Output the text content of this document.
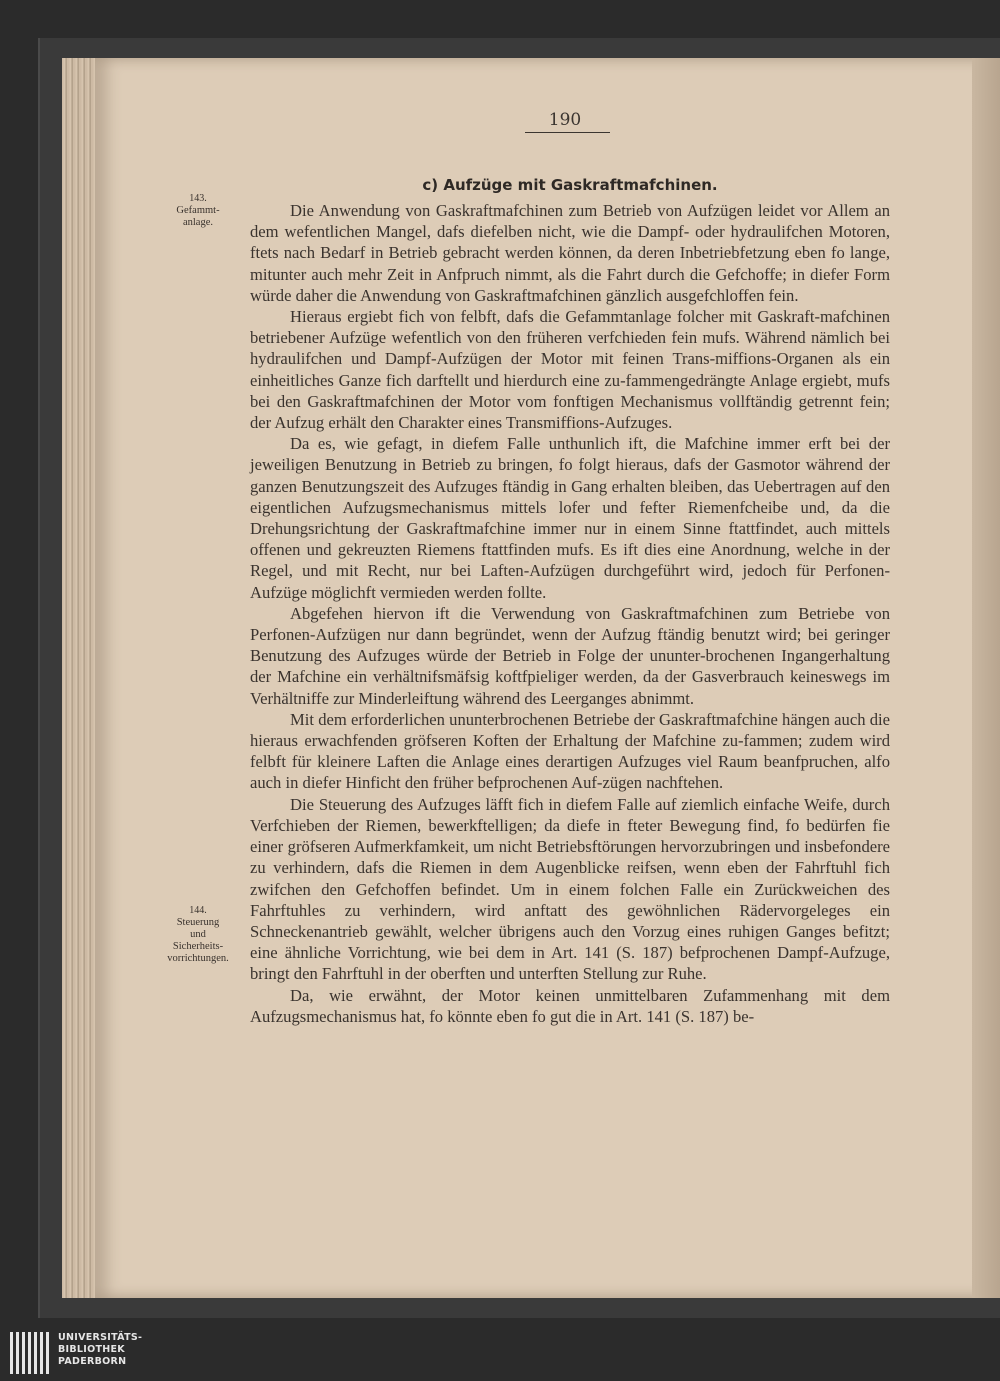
190
c) Aufzüge mit Gaskraftmafchinen.
143.
Gefammt-
anlage.
144.
Steuerung
und
Sicherheits-
vorrichtungen.

Die Anwendung von Gaskraftmafchinen zum Betrieb von Aufzügen leidet vor Allem an dem wefentlichen Mangel, dafs diefelben nicht, wie die Dampf- oder hydraulifchen Motoren, ftets nach Bedarf in Betrieb gebracht werden können, da deren Inbetriebfetzung eben fo lange, mitunter auch mehr Zeit in Anfpruch nimmt, als die Fahrt durch die Gefchoffe; in diefer Form würde daher die Anwendung von Gaskraftmafchinen gänzlich ausgefchloffen fein.

Hieraus ergiebt fich von felbft, dafs die Gefammtanlage folcher mit Gaskraft-mafchinen betriebener Aufzüge wefentlich von den früheren verfchieden fein mufs. Während nämlich bei hydraulifchen und Dampf-Aufzügen der Motor mit feinen Trans-miffions-Organen als ein einheitliches Ganze fich darftellt und hierdurch eine zu-fammengedrängte Anlage ergiebt, mufs bei den Gaskraftmafchinen der Motor vom fonftigen Mechanismus vollftändig getrennt fein; der Aufzug erhält den Charakter eines Transmiffions-Aufzuges.

Da es, wie gefagt, in diefem Falle unthunlich ift, die Mafchine immer erft bei der jeweiligen Benutzung in Betrieb zu bringen, fo folgt hieraus, dafs der Gasmotor während der ganzen Benutzungszeit des Aufzuges ftändig in Gang erhalten bleiben, das Uebertragen auf den eigentlichen Aufzugsmechanismus mittels lofer und fefter Riemenfcheibe und, da die Drehungsrichtung der Gaskraftmafchine immer nur in einem Sinne ftattfindet, auch mittels offenen und gekreuzten Riemens ftattfinden mufs. Es ift dies eine Anordnung, welche in der Regel, und mit Recht, nur bei Laften-Aufzügen durchgeführt wird, jedoch für Perfonen-Aufzüge möglichft vermieden werden follte.

Abgefehen hiervon ift die Verwendung von Gaskraftmafchinen zum Betriebe von Perfonen-Aufzügen nur dann begründet, wenn der Aufzug ftändig benutzt wird; bei geringer Benutzung des Aufzuges würde der Betrieb in Folge der ununter-brochenen Ingangerhaltung der Mafchine ein verhältnifsmäfsig koftfpieliger werden, da der Gasverbrauch keineswegs im Verhältniffe zur Minderleiftung während des Leerganges abnimmt.

Mit dem erforderlichen ununterbrochenen Betriebe der Gaskraftmafchine hängen auch die hieraus erwachfenden gröfseren Koften der Erhaltung der Mafchine zu-fammen; zudem wird felbft für kleinere Laften die Anlage eines derartigen Aufzuges viel Raum beanfpruchen, alfo auch in diefer Hinficht den früher befprochenen Auf-zügen nachftehen.

Die Steuerung des Aufzuges läfft fich in diefem Falle auf ziemlich einfache Weife, durch Verfchieben der Riemen, bewerkftelligen; da diefe in fteter Bewegung find, fo bedürfen fie einer gröfseren Aufmerkfamkeit, um nicht Betriebsftörungen hervorzubringen und insbefondere zu verhindern, dafs die Riemen in dem Augenblicke reifsen, wenn eben der Fahrftuhl fich zwifchen den Gefchoffen befindet. Um in einem folchen Falle ein Zurückweichen des Fahrftuhles zu verhindern, wird anftatt des gewöhnlichen Rädervorgeleges ein Schneckenantrieb gewählt, welcher übrigens auch den Vorzug eines ruhigen Ganges befitzt; eine ähnliche Vorrichtung, wie bei dem in Art. 141 (S. 187) befprochenen Dampf-Aufzuge, bringt den Fahrftuhl in der oberften und unterften Stellung zur Ruhe.

Da, wie erwähnt, der Motor keinen unmittelbaren Zufammenhang mit dem Aufzugsmechanismus hat, fo könnte eben fo gut die in Art. 141 (S. 187) be-

UNIVERSITÄTS-
BIBLIOTHEK
PADERBORN
